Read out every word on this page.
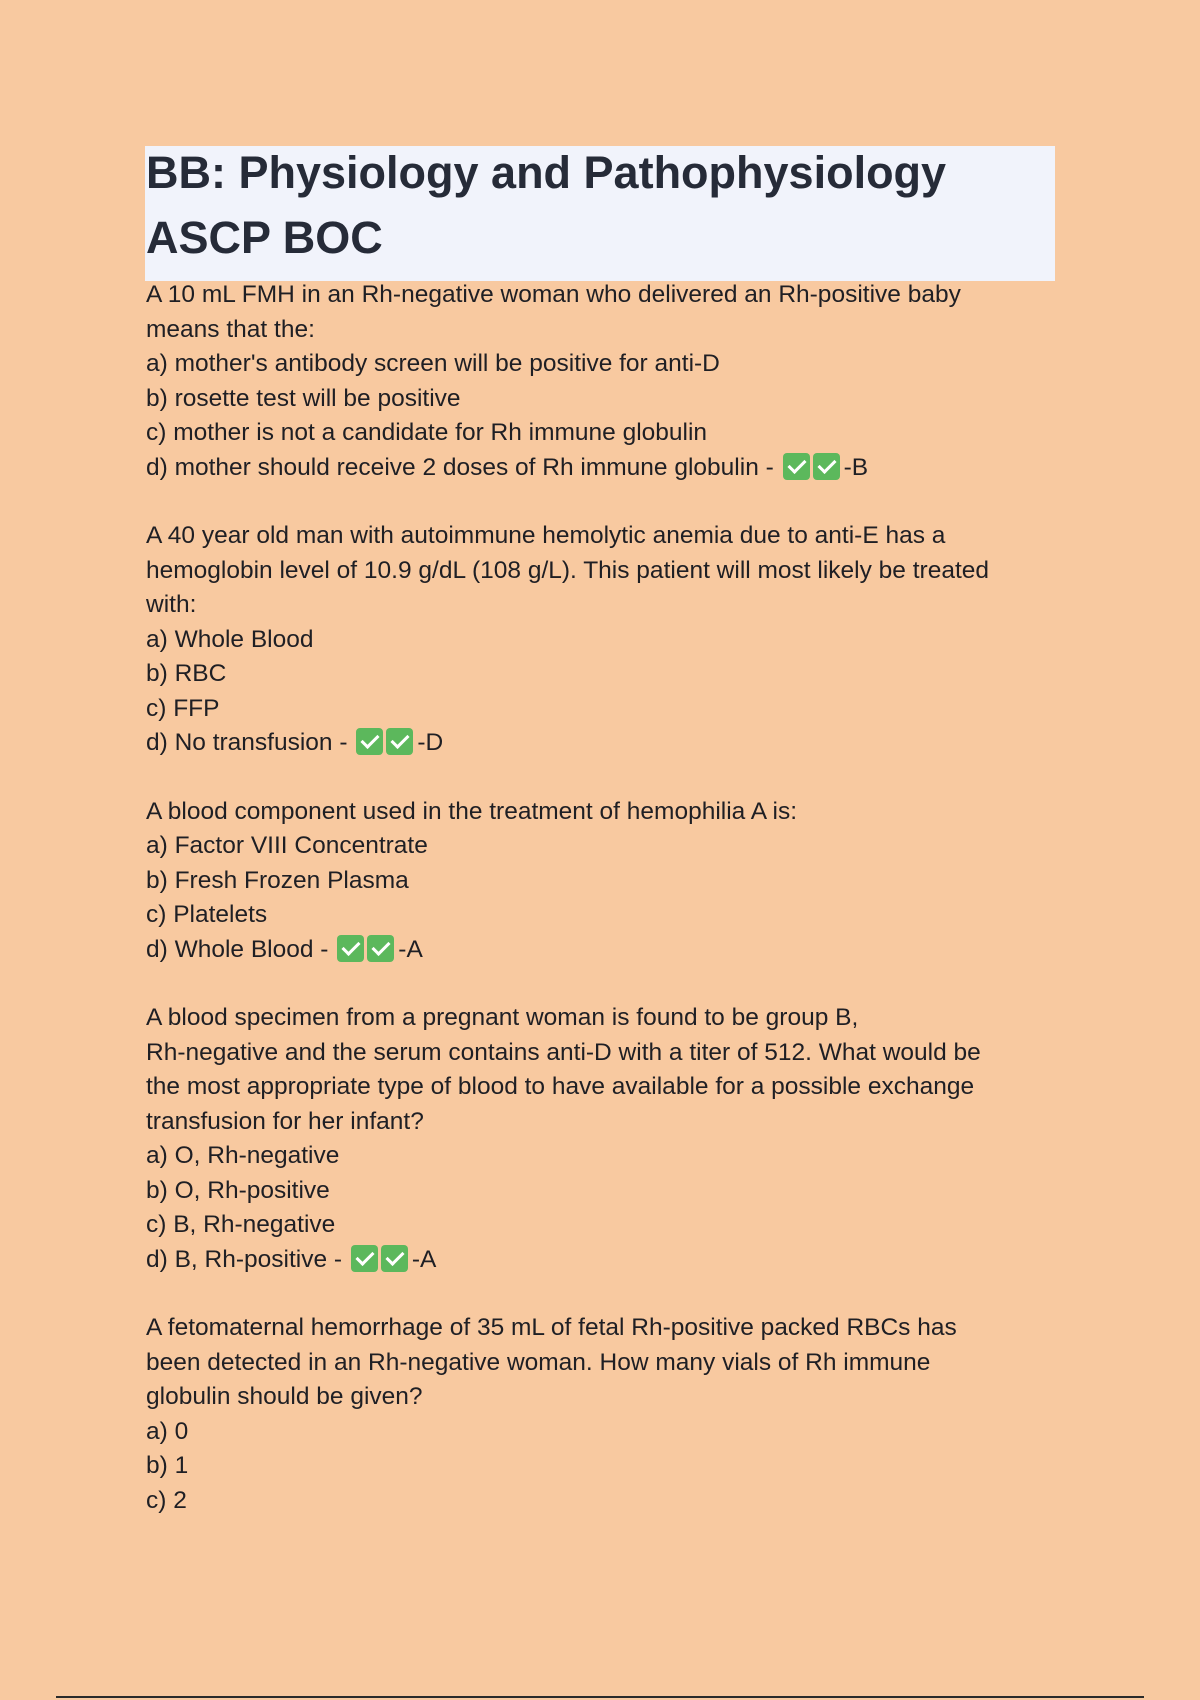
BB: Physiology and Pathophysiology
ASCP BOC
A 10 mL FMH in an Rh-negative woman who delivered an Rh-positive baby
means that the:
a) mother's antibody screen will be positive for anti-D
b) rosette test will be positive
c) mother is not a candidate for Rh immune globulin
d) mother should receive 2 doses of Rh immune globulin -	-B
A 40 year old man with autoimmune hemolytic anemia due to anti-E has a
hemoglobin level of 10.9 g/dL (108 g/L). This patient will most likely be treated
with:
a) Whole Blood
b) RBC
c) FFP
d) No transfusion -	-D
A blood component used in the treatment of hemophilia A is:
a) Factor VIII Concentrate
b) Fresh Frozen Plasma
c) Platelets
d) Whole Blood -	-A
A blood specimen from a pregnant woman is found to be group B,
Rh-negative and the serum contains anti-D with a titer of 512. What would be
the most appropriate type of blood to have available for a possible exchange
transfusion for her infant?
a) O, Rh-negative
b) O, Rh-positive
c) B, Rh-negative
d) B, Rh-positive -	-A
A fetomaternal hemorrhage of 35 mL of fetal Rh-positive packed RBCs has
been detected in an Rh-negative woman. How many vials of Rh immune
globulin should be given?
a) 0
b) 1
c) 2
